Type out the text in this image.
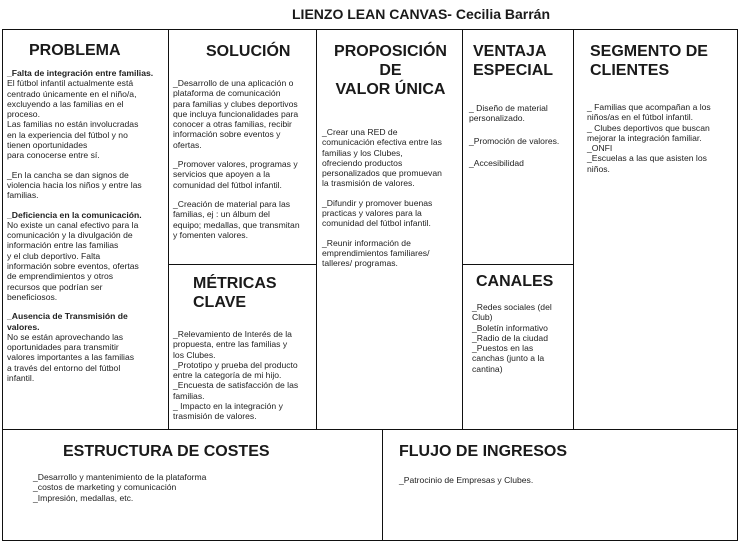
LIENZO LEAN CANVAS- Cecilia Barrán
PROBLEMA

_Falta de integración entre familias.
El fútbol infantil actualmente está
centrado únicamente en el niño/a,
excluyendo a las familias en el
proceso.
Las familias no están involucradas
en la experiencia del fútbol y no
tienen oportunidades
para conocerse entre sí.

_En la cancha se dan signos de
violencia hacia los niños y entre las
familias.

_Deficiencia en la comunicación.
No existe un canal efectivo para la
comunicación y la divulgación de
información entre las familias
y el club deportivo. Falta
información sobre eventos, ofertas
de emprendimientos y otros
recursos que podrían ser
beneficiosos.

_Ausencia de Transmisión de
valores.
No se están aprovechando las
oportunidades para transmitir
valores importantes a las familias
a través del entorno del fútbol
infantil.

SOLUCIÓN

_Desarrollo de una aplicación o
plataforma de comunicación
para familias y clubes deportivos
que incluya funcionalidades para
conocer a otras familias, recibir
información sobre eventos y
ofertas.

_Promover valores, programas y
servicios que apoyen a la
comunidad del fútbol infantil.

_Creación de material para las
familias, ej : un álbum del
equipo; medallas, que transmitan
y fomenten valores.

MÉTRICAS
CLAVE
_Relevamiento de Interés de la
propuesta, entre las familias y
los Clubes.
_Prototipo y prueba del producto
entre la categoría de mi hijo.
_Encuesta de satisfacción de las
familias.
_ Impacto en la integración y
trasmisión de valores.
PROPOSICIÓN DE
VALOR ÚNICA

_Crear una RED de
comunicación efectiva entre las
familias y los Clubes,
ofreciendo productos
personalizados que promuevan
la trasmisión de valores.

_Difundir y promover buenas
practicas y valores para la
comunidad del fútbol infantil.

_Reunir información de
emprendimientos familiares/
talleres/ programas.

VENTAJA
ESPECIAL

_ Diseño de material
personalizado.

_Promoción de valores.

_Accesibilidad

CANALES
_Redes sociales (del
Club)
_Boletín informativo
_Radio de la ciudad
_Puestos en las
canchas (junto a la
cantina)
SEGMENTO DE
CLIENTES
_ Familias que acompañan a los
niños/as en el fútbol infantil.
_ Clubes deportivos que buscan
mejorar la integración familiar.
_ONFI
_Escuelas a las que asisten los
niños.
ESTRUCTURA DE COSTES
_Desarrollo y mantenimiento de la plataforma
_costos de marketing y comunicación
_Impresión, medallas, etc.
FLUJO DE INGRESOS
_Patrocinio de Empresas y Clubes.
